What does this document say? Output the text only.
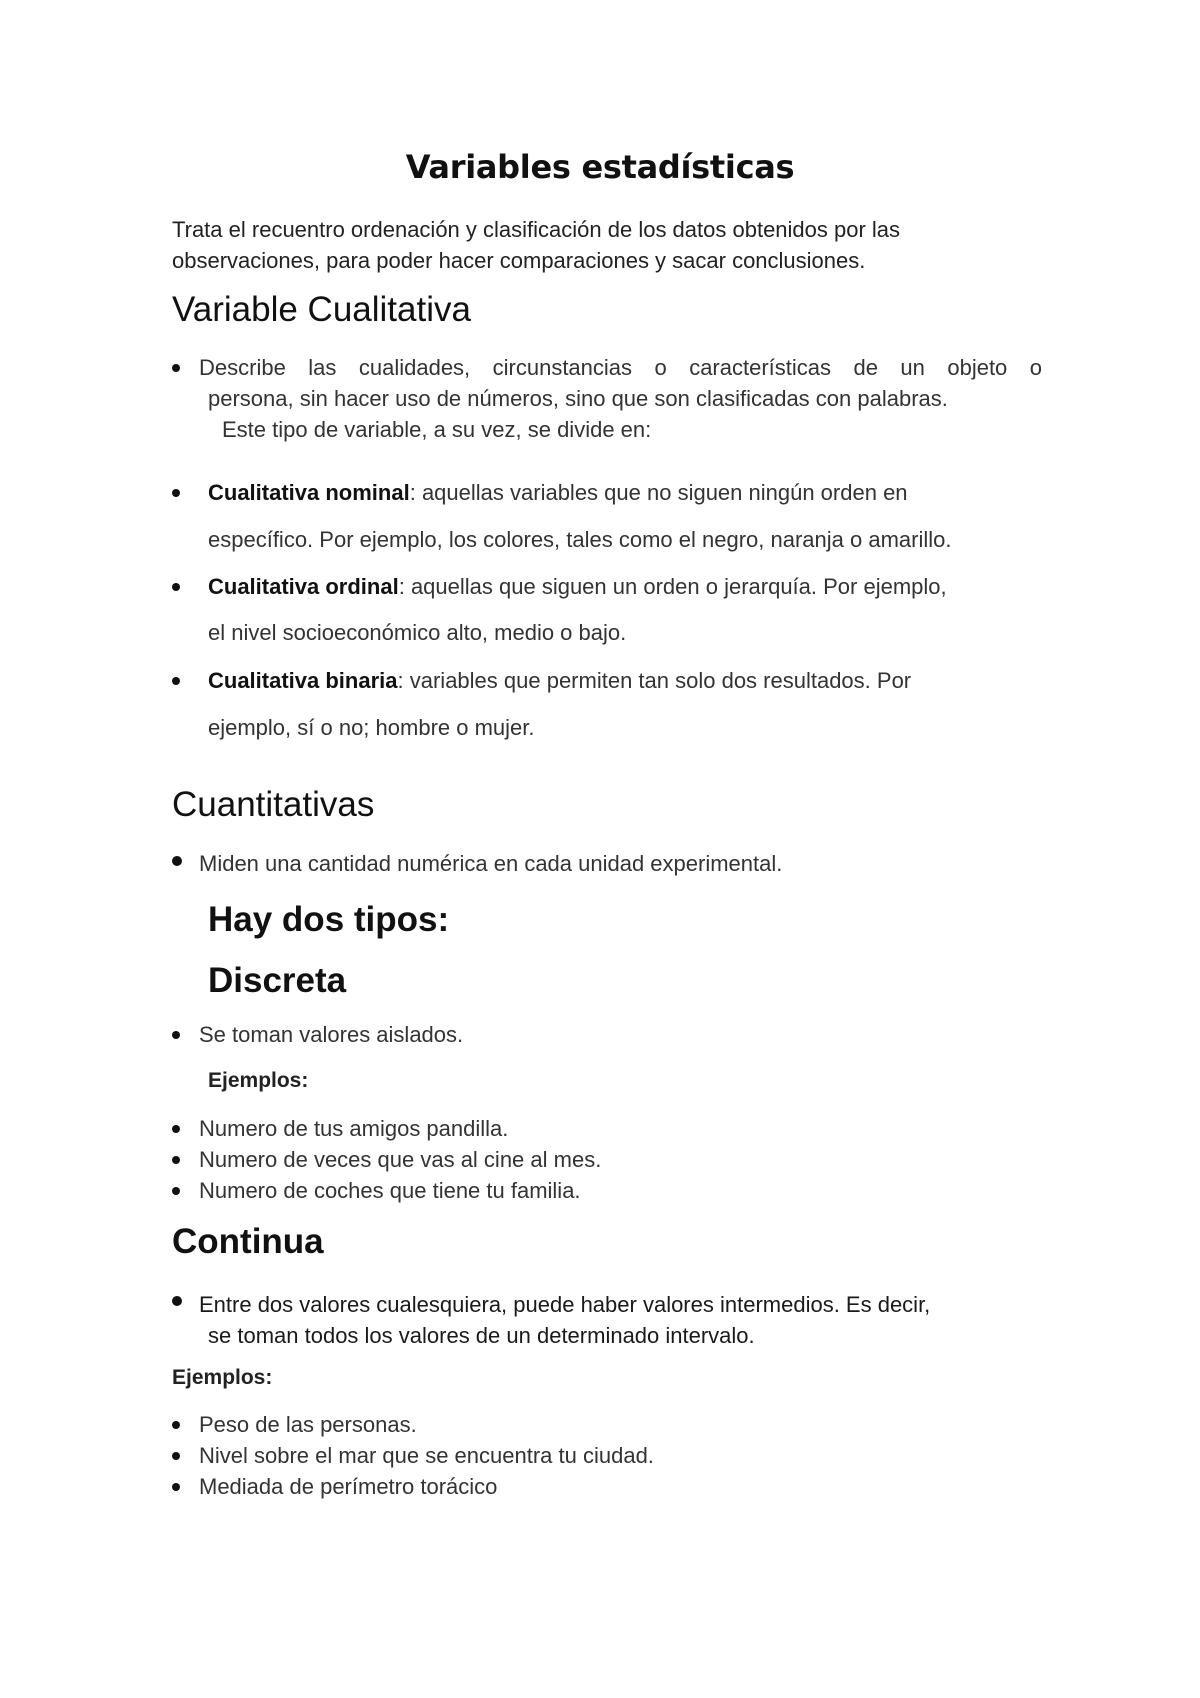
Variables estadísticas
Trata el recuentro ordenación y clasificación de los datos obtenidos por las
observaciones, para poder hacer comparaciones y sacar conclusiones.
Variable Cualitativa
Describe las cualidades, circunstancias o características de un objeto o
persona, sin hacer uso de números, sino que son clasificadas con palabras.
Este tipo de variable, a su vez, se divide en:
Cualitativa nominal: aquellas variables que no siguen ningún orden en
específico. Por ejemplo, los colores, tales como el negro, naranja o amarillo.
Cualitativa ordinal: aquellas que siguen un orden o jerarquía. Por ejemplo,
el nivel socioeconómico alto, medio o bajo.
Cualitativa binaria: variables que permiten tan solo dos resultados. Por
ejemplo, sí o no; hombre o mujer.
Cuantitativas
Miden una cantidad numérica en cada unidad experimental.
Hay dos tipos:
Discreta
Se toman valores aislados.
Ejemplos:
Numero de tus amigos pandilla.
Numero de veces que vas al cine al mes.
Numero de coches que tiene tu familia.
Continua
Entre dos valores cualesquiera, puede haber valores intermedios. Es decir,
se toman todos los valores de un determinado intervalo.
Ejemplos:
Peso de las personas.
Nivel sobre el mar que se encuentra tu ciudad.
Mediada de perímetro torácico
